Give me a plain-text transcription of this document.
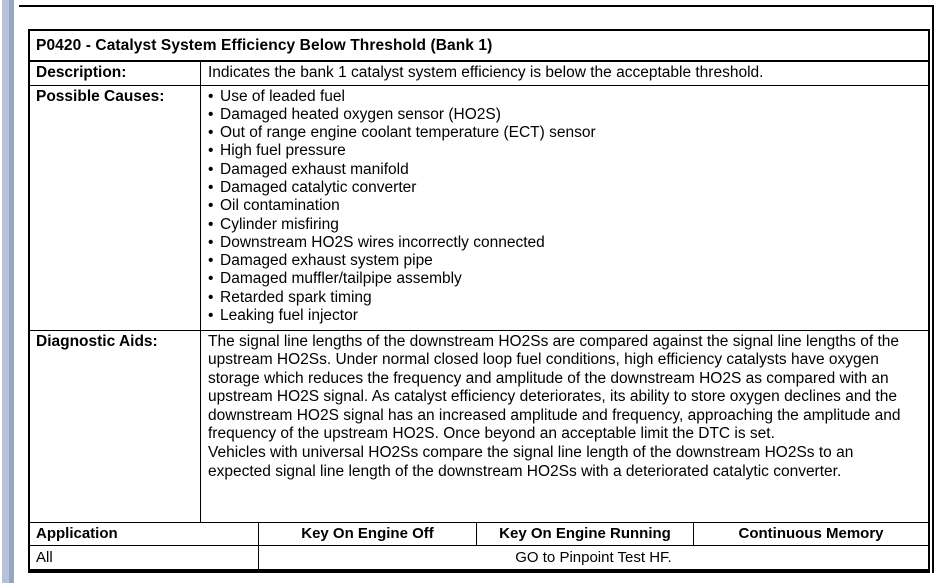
P0420 - Catalyst System Efficiency Below Threshold (Bank 1)
Description:	Indicates the bank 1 catalyst system efficiency is below the acceptable threshold.
Possible Causes:	• Use of leaded fuel
• Damaged heated oxygen sensor (HO2S)
• Out of range engine coolant temperature (ECT) sensor
• High fuel pressure
• Damaged exhaust manifold
• Damaged catalytic converter
• Oil contamination
• Cylinder misfiring
• Downstream HO2S wires incorrectly connected
• Damaged exhaust system pipe
• Damaged muffler/tailpipe assembly
• Retarded spark timing
• Leaking fuel injector
Diagnostic Aids:	The signal line lengths of the downstream HO2Ss are compared against the signal line lengths of the upstream HO2Ss. Under normal closed loop fuel conditions, high efficiency catalysts have oxygen storage which reduces the frequency and amplitude of the downstream HO2S as compared with an upstream HO2S signal. As catalyst efficiency deteriorates, its ability to store oxygen declines and the downstream HO2S signal has an increased amplitude and frequency, approaching the amplitude and frequency of the upstream HO2S. Once beyond an acceptable limit the DTC is set.
Vehicles with universal HO2Ss compare the signal line length of the downstream HO2Ss to an expected signal line length of the downstream HO2Ss with a deteriorated catalytic converter.
Application	Key On Engine Off	Key On Engine Running	Continuous Memory
All	GO to Pinpoint Test HF.
